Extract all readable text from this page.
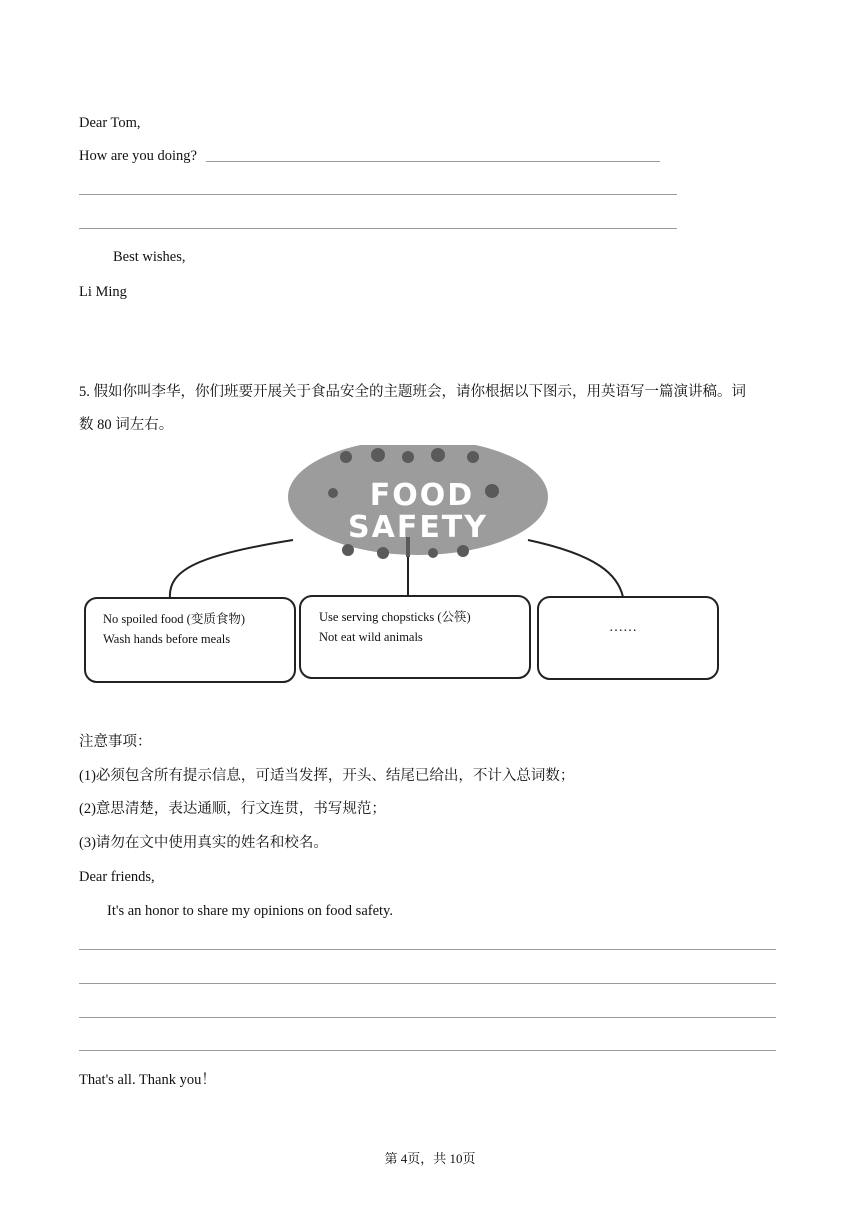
Dear Tom,
How are you doing?
Best wishes,
Li Ming
5. 假如你叫李华，你们班要开展关于食品安全的主题班会，请你根据以下图示，用英语写一篇演讲稿。词
数 80 词左右。
FOOD
SAFETY
No spoiled food (变质食物)
Wash hands before meals
Use serving chopsticks (公筷)
Not eat wild animals
……
注意事项：
(1)必须包含所有提示信息，可适当发挥，开头、结尾已给出，不计入总词数；
(2)意思清楚，表达通顺，行文连贯，书写规范；
(3)请勿在文中使用真实的姓名和校名。
Dear friends,
It's an honor to share my opinions on food safety.
That's all. Thank you！
第 4页，共 10页
